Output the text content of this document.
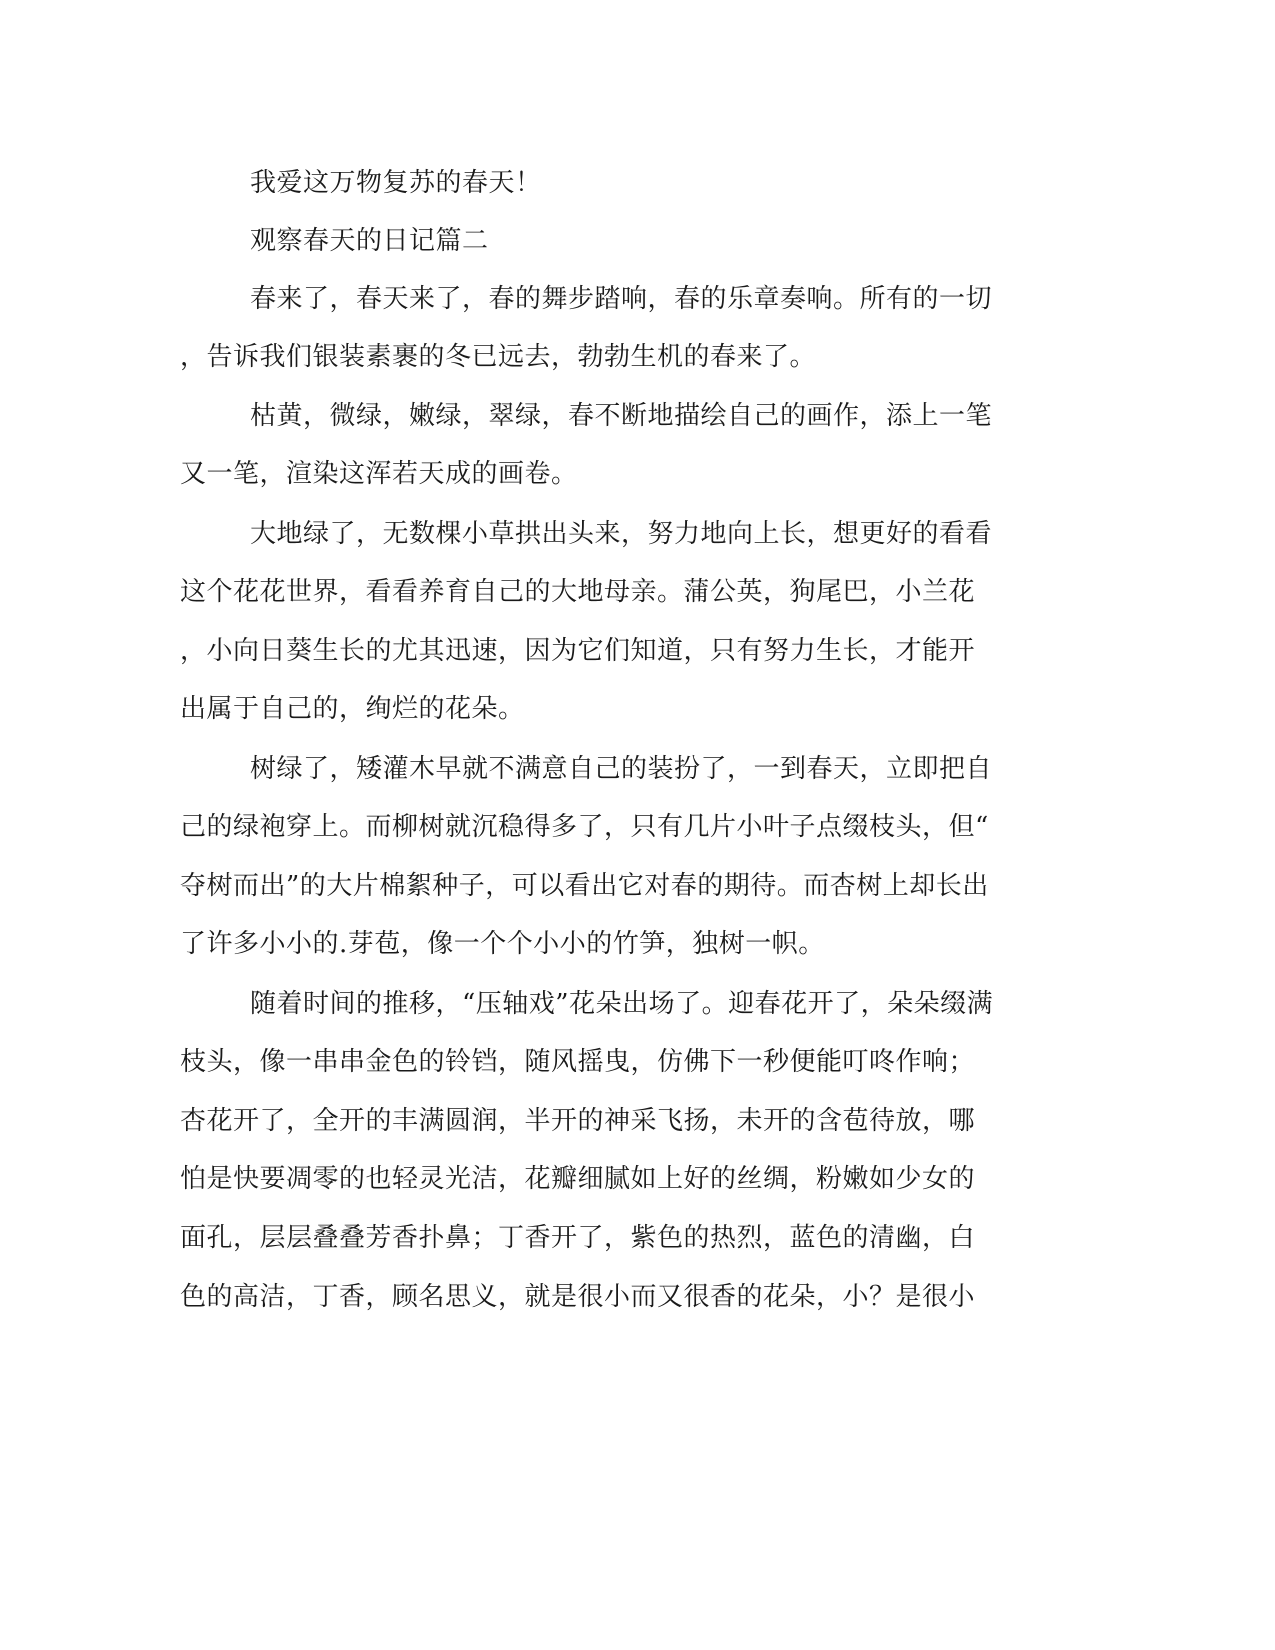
我爱这万物复苏的春天！
观察春天的日记篇二
春来了，春天来了，春的舞步踏响，春的乐章奏响。所有的一切
，告诉我们银装素裹的冬已远去，勃勃生机的春来了。
枯黄，微绿，嫩绿，翠绿，春不断地描绘自己的画作，添上一笔
又一笔，渲染这浑若天成的画卷。
大地绿了，无数棵小草拱出头来，努力地向上长，想更好的看看
这个花花世界，看看养育自己的大地母亲。蒲公英，狗尾巴，小兰花
，小向日葵生长的尤其迅速，因为它们知道，只有努力生长，才能开
出属于自己的，绚烂的花朵。
树绿了，矮灌木早就不满意自己的装扮了，一到春天，立即把自
己的绿袍穿上。而柳树就沉稳得多了，只有几片小叶子点缀枝头，但“
夺树而出”的大片棉絮种子，可以看出它对春的期待。而杏树上却长出
了许多小小的.芽苞，像一个个小小的竹笋，独树一帜。
随着时间的推移，“压轴戏”花朵出场了。迎春花开了，朵朵缀满
枝头，像一串串金色的铃铛，随风摇曳，仿佛下一秒便能叮咚作响；
杏花开了，全开的丰满圆润，半开的神采飞扬，未开的含苞待放，哪
怕是快要凋零的也轻灵光洁，花瓣细腻如上好的丝绸，粉嫩如少女的
面孔，层层叠叠芳香扑鼻；丁香开了，紫色的热烈，蓝色的清幽，白
色的高洁，丁香，顾名思义，就是很小而又很香的花朵，小？是很小
